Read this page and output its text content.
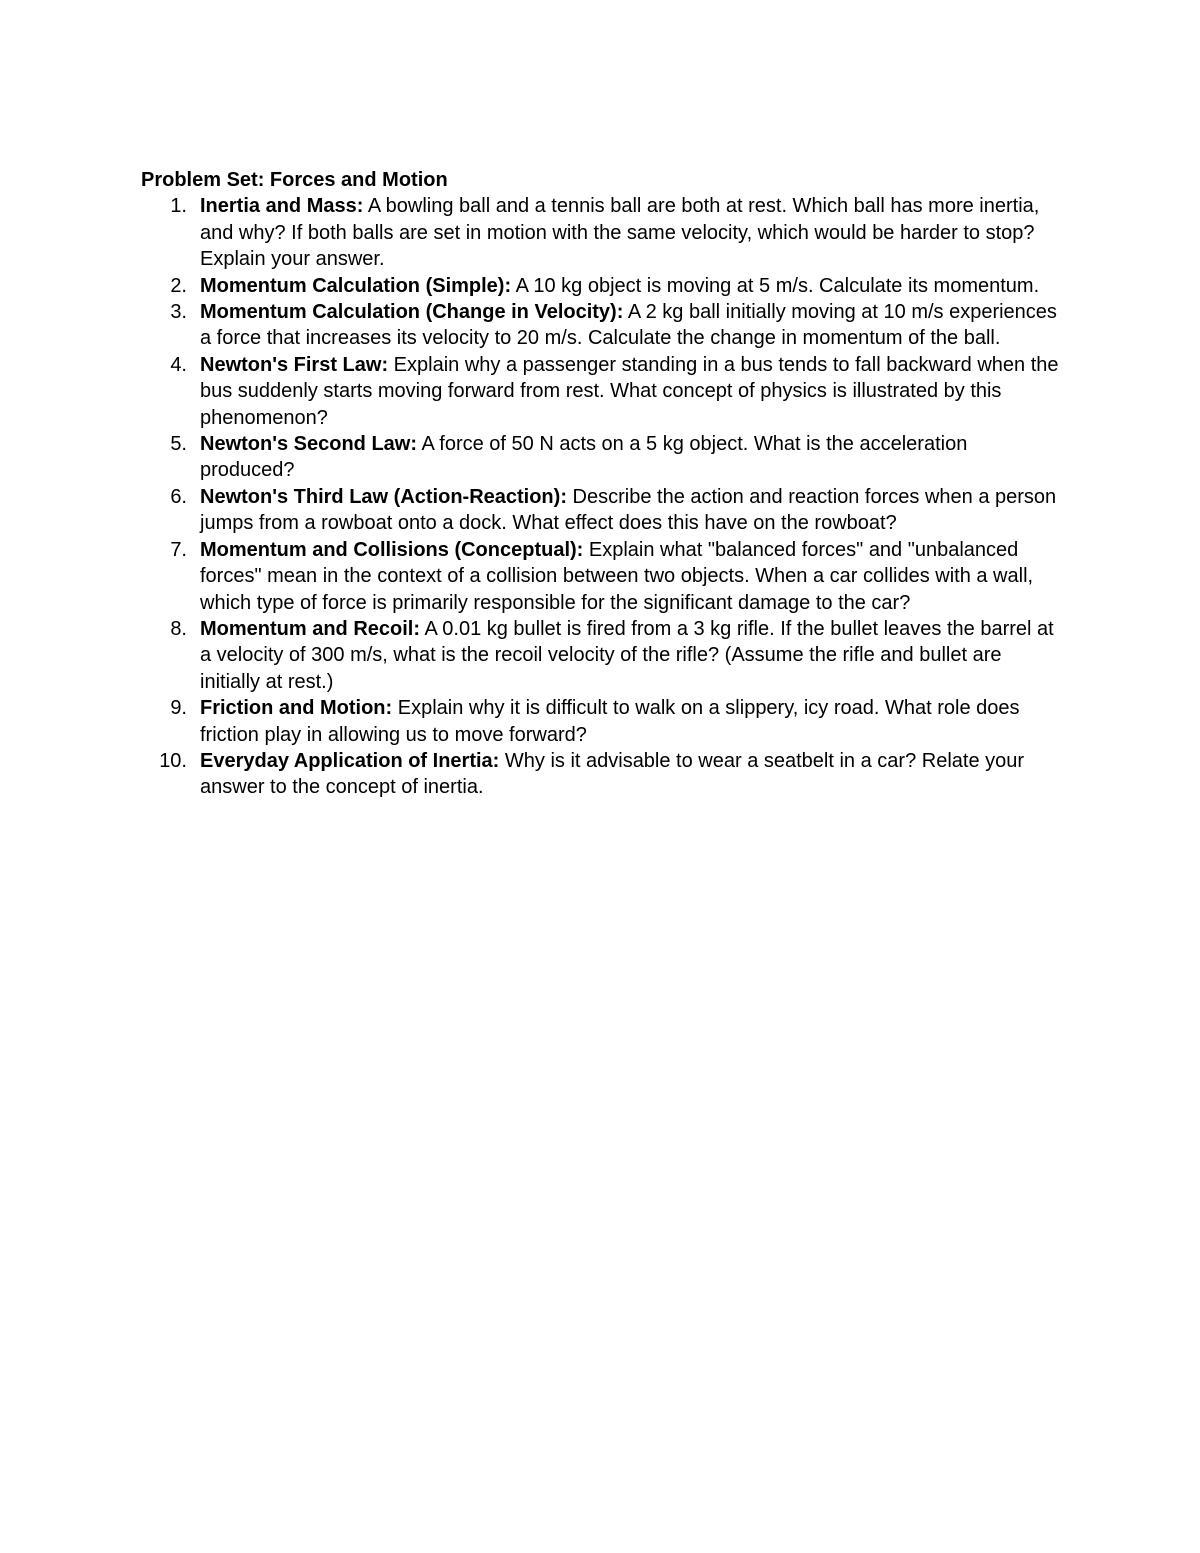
Problem Set: Forces and Motion
1. Inertia and Mass: A bowling ball and a tennis ball are both at rest. Which ball has more inertia, and why? If both balls are set in motion with the same velocity, which would be harder to stop? Explain your answer.
2. Momentum Calculation (Simple): A 10 kg object is moving at 5 m/s. Calculate its momentum.
3. Momentum Calculation (Change in Velocity): A 2 kg ball initially moving at 10 m/s experiences a force that increases its velocity to 20 m/s. Calculate the change in momentum of the ball.
4. Newton's First Law: Explain why a passenger standing in a bus tends to fall backward when the bus suddenly starts moving forward from rest. What concept of physics is illustrated by this phenomenon?
5. Newton's Second Law: A force of 50 N acts on a 5 kg object. What is the acceleration produced?
6. Newton's Third Law (Action-Reaction): Describe the action and reaction forces when a person jumps from a rowboat onto a dock. What effect does this have on the rowboat?
7. Momentum and Collisions (Conceptual): Explain what "balanced forces" and "unbalanced forces" mean in the context of a collision between two objects. When a car collides with a wall, which type of force is primarily responsible for the significant damage to the car?
8. Momentum and Recoil: A 0.01 kg bullet is fired from a 3 kg rifle. If the bullet leaves the barrel at a velocity of 300 m/s, what is the recoil velocity of the rifle? (Assume the rifle and bullet are initially at rest.)
9. Friction and Motion: Explain why it is difficult to walk on a slippery, icy road. What role does friction play in allowing us to move forward?
10. Everyday Application of Inertia: Why is it advisable to wear a seatbelt in a car? Relate your answer to the concept of inertia.
